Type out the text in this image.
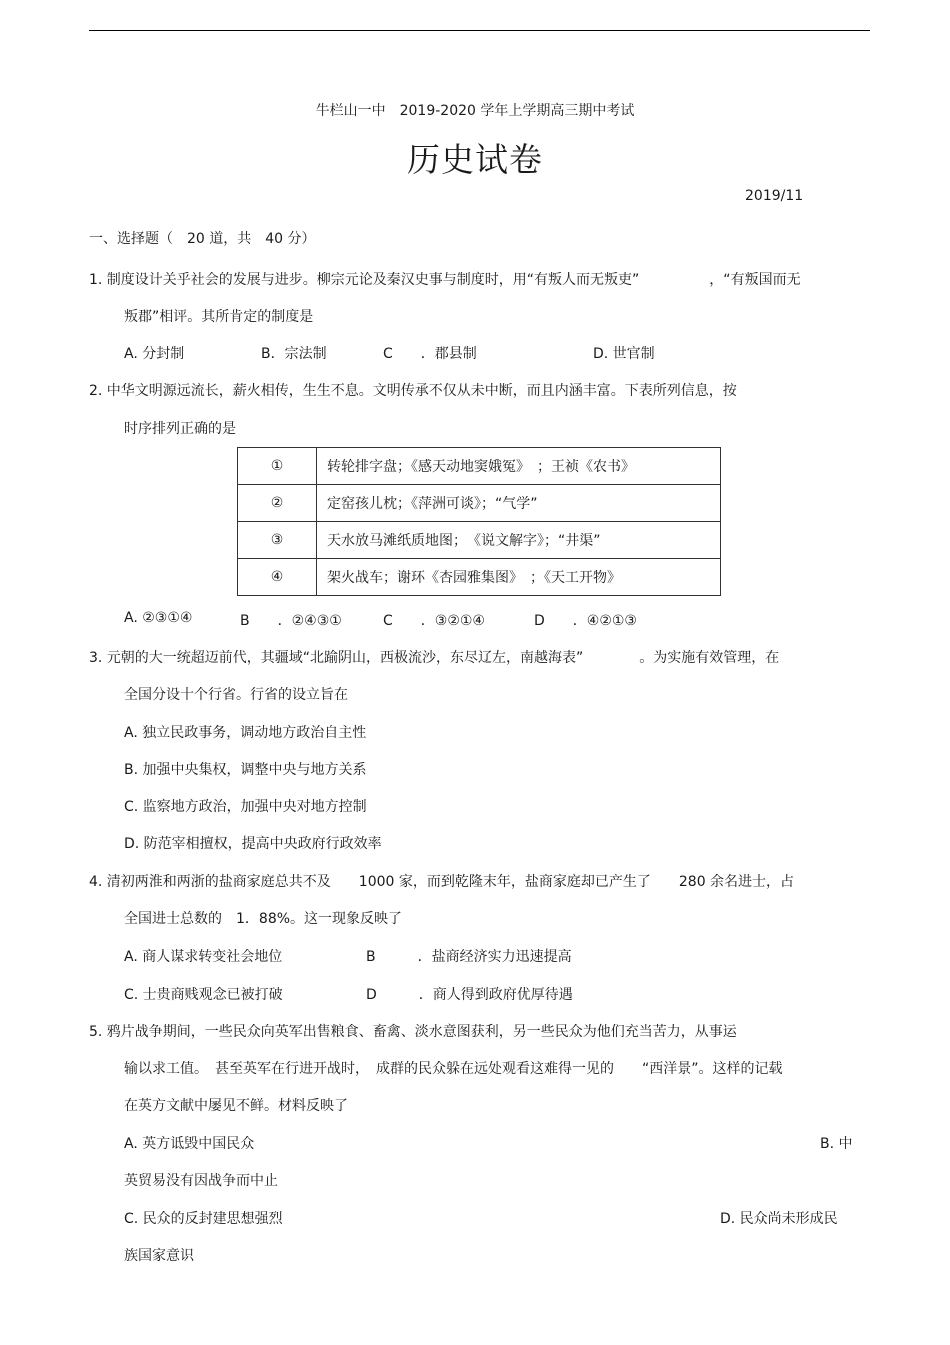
牛栏山一中　2019-2020 学年上学期高三期中考试
历史试卷
2019/11
一、选择题（　20 道，共　40 分）
1. 制度设计关乎社会的发展与进步。柳宗元论及秦汉史事与制度时，用“有叛人而无叛吏”　　　　　，“有叛国而无
叛郡”相评。其所肯定的制度是
A. 分封制	B．宗法制	C　　．郡县制	D. 世官制
2. 中华文明源远流长，薪火相传，生生不息。文明传承不仅从未中断，而且内涵丰富。下表所列信息，按
时序排列正确的是
①	转轮排字盘；《感天动地窦娥冤》　；王祯《农书》
②	定窑孩儿枕；《萍洲可谈》；“气学”
③	天水放马滩纸质地图；　《说文解字》；“井渠”
④	架火战车；谢环《杏园雅集图》　；《天工开物》
A. ②③①④	B　　．②④③①	C　　．③②①④	D　　．④②①③
3. 元朝的大一统超迈前代，其疆域“北踰阴山，西极流沙，东尽辽左，南越海表”　　　　。为实施有效管理，在
全国分设十个行省。行省的设立旨在
A. 独立民政事务，调动地方政治自主性
B. 加强中央集权，调整中央与地方关系
C. 监察地方政治，加强中央对地方控制
D. 防范宰相擅权，提高中央政府行政效率
4. 清初两淮和两浙的盐商家庭总共不及　　1000 家，而到乾隆末年，盐商家庭却已产生了　　280 余名进士，占
全国进士总数的　1．88%。这一现象反映了
A. 商人谋求转变社会地位	B　　　．盐商经济实力迅速提高
C. 士贵商贱观念已被打破	D　　　．商人得到政府优厚待遇
5. 鸦片战争期间，一些民众向英军出售粮食、畜禽、淡水意图获利，另一些民众为他们充当苦力，从事运
输以求工值。　甚至英军在行进开战时，　成群的民众躲在远处观看这难得一见的　　“西洋景”。这样的记载
在英方文献中屡见不鲜。材料反映了
A. 英方诋毁中国民众	B. 中
英贸易没有因战争而中止
C. 民众的反封建思想强烈	D. 民众尚未形成民
族国家意识
